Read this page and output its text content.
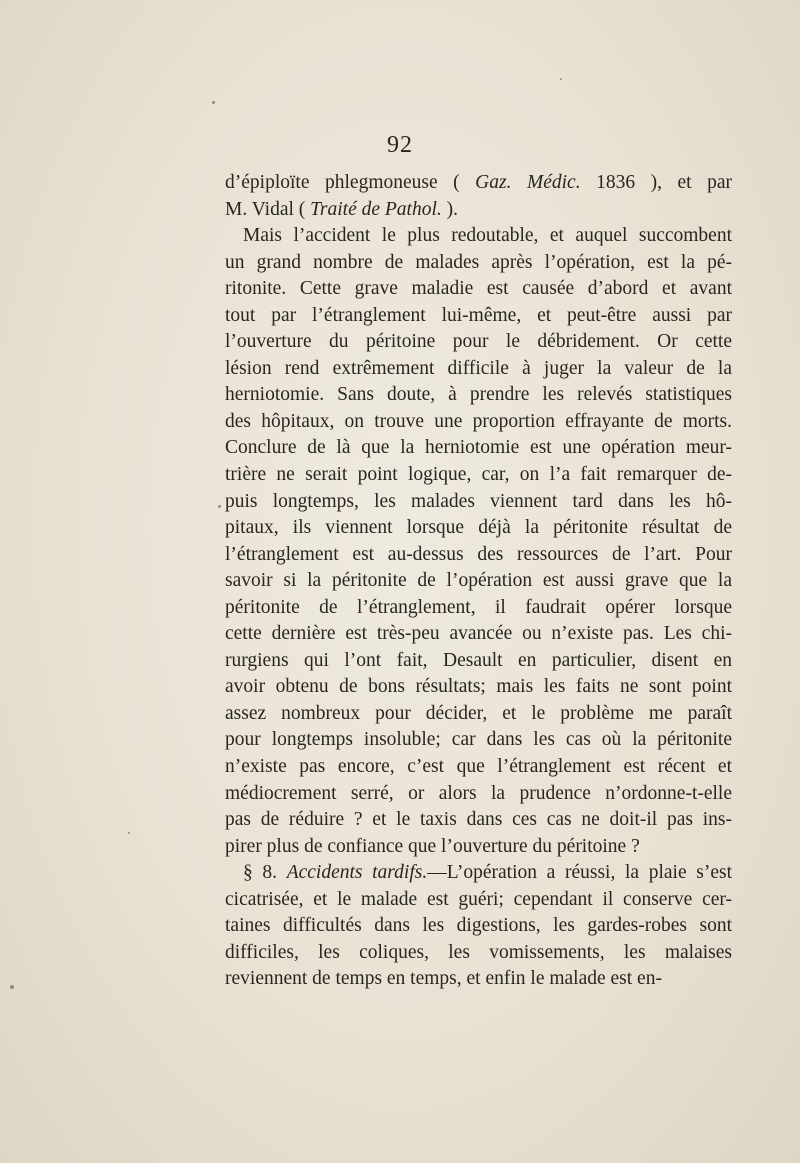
92
d’épiploïte phlegmoneuse ( Gaz. Médic. 1836 ), et par
M. Vidal ( Traité de Pathol. ).
Mais l’accident le plus redoutable, et auquel succombent
un grand nombre de malades après l’opération, est la pé-
ritonite. Cette grave maladie est causée d’abord et avant
tout par l’étranglement lui-même, et peut-être aussi par
l’ouverture du péritoine pour le débridement. Or cette
lésion rend extrêmement difficile à juger la valeur de la
herniotomie. Sans doute, à prendre les relevés statistiques
des hôpitaux, on trouve une proportion effrayante de morts.
Conclure de là que la herniotomie est une opération meur-
trière ne serait point logique, car, on l’a fait remarquer de-
puis longtemps, les malades viennent tard dans les hô-
pitaux, ils viennent lorsque déjà la péritonite résultat de
l’étranglement est au-dessus des ressources de l’art. Pour
savoir si la péritonite de l’opération est aussi grave que la
péritonite de l’étranglement, il faudrait opérer lorsque
cette dernière est très-peu avancée ou n’existe pas. Les chi-
rurgiens qui l’ont fait, Desault en particulier, disent en
avoir obtenu de bons résultats; mais les faits ne sont point
assez nombreux pour décider, et le problème me paraît
pour longtemps insoluble; car dans les cas où la péritonite
n’existe pas encore, c’est que l’étranglement est récent et
médiocrement serré, or alors la prudence n’ordonne-t-elle
pas de réduire ? et le taxis dans ces cas ne doit-il pas ins-
pirer plus de confiance que l’ouverture du péritoine ?
§ 8. Accidents tardifs.—L’opération a réussi, la plaie s’est
cicatrisée, et le malade est guéri; cependant il conserve cer-
taines difficultés dans les digestions, les gardes-robes sont
difficiles, les coliques, les vomissements, les malaises
reviennent de temps en temps, et enfin le malade est en-
